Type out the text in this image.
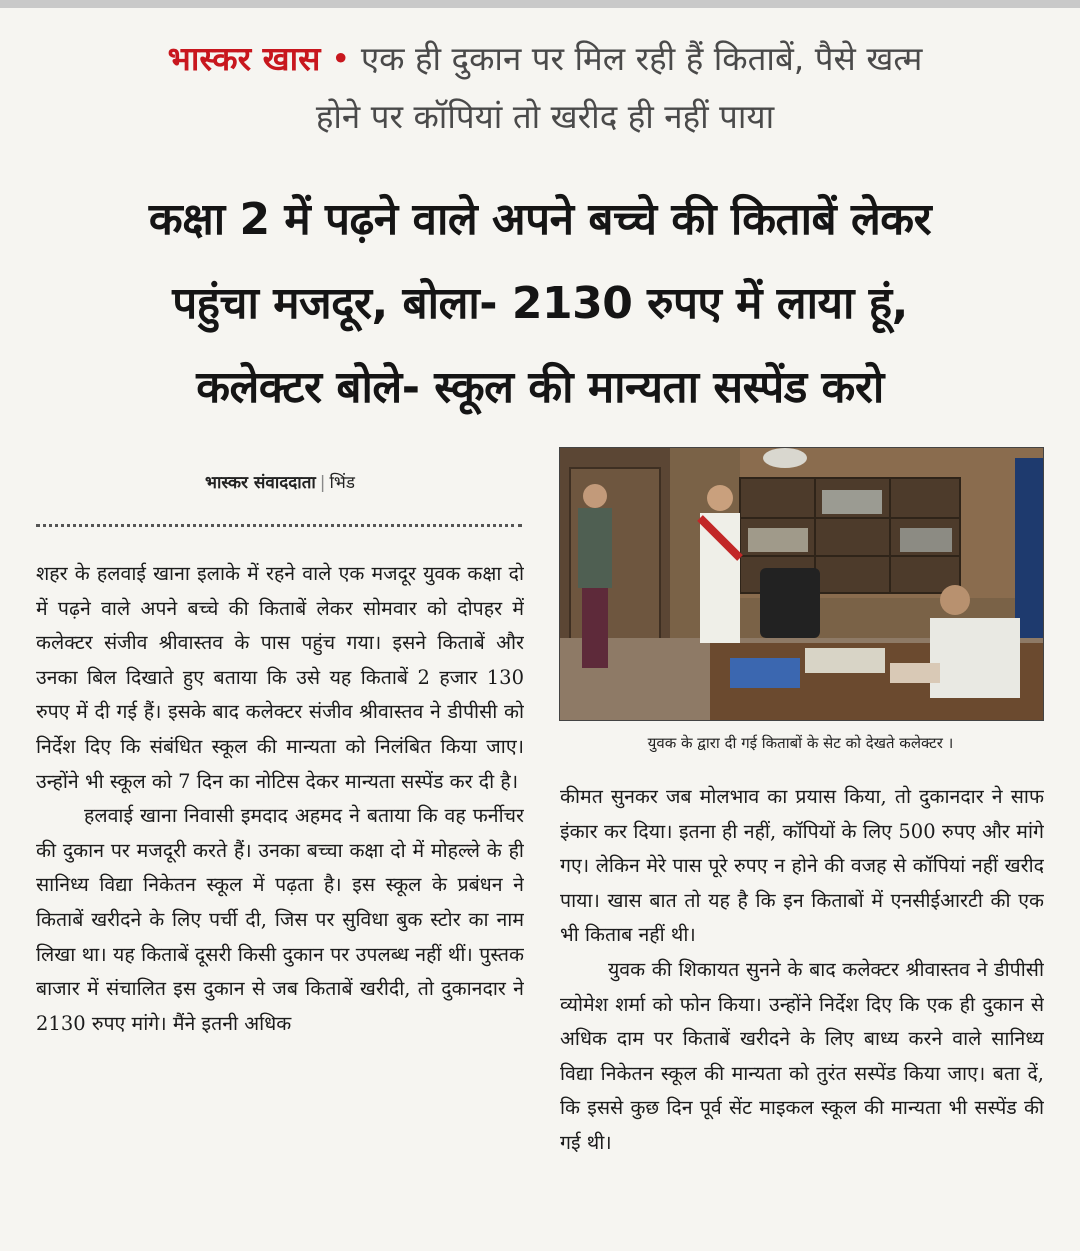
भास्कर खास • एक ही दुकान पर मिल रही हैं किताबें, पैसे खत्म
होने पर कॉपियां तो खरीद ही नहीं पाया
कक्षा 2 में पढ़ने वाले अपने बच्चे की किताबें लेकर
पहुंचा मजदूर, बोला- 2130 रुपए में लाया हूं,
कलेक्टर बोले- स्कूल की मान्यता सस्पेंड करो
भास्कर संवाददाता | भिंड

शहर के हलवाई खाना इलाके में रहने वाले एक मजदूर युवक कक्षा दो में पढ़ने वाले अपने बच्चे की किताबें लेकर सोमवार को दोपहर में कलेक्टर संजीव श्रीवास्तव के पास पहुंच गया। इसने किताबें और उनका बिल दिखाते हुए बताया कि उसे यह किताबें 2 हजार 130 रुपए में दी गई हैं। इसके बाद कलेक्टर संजीव श्रीवास्तव ने डीपीसी को निर्देश दिए कि संबंधित स्कूल की मान्यता को निलंबित किया जाए। उन्होंने भी स्कूल को 7 दिन का नोटिस देकर मान्यता सस्पेंड कर दी है।

हलवाई खाना निवासी इमदाद अहमद ने बताया कि वह फर्नीचर की दुकान पर मजदूरी करते हैं। उनका बच्चा कक्षा दो में मोहल्ले के ही सानिध्य विद्या निकेतन स्कूल में पढ़ता है। इस स्कूल के प्रबंधन ने किताबें खरीदने के लिए पर्ची दी, जिस पर सुविधा बुक स्टोर का नाम लिखा था। यह किताबें दूसरी किसी दुकान पर उपलब्ध नहीं थीं। पुस्तक बाजार में संचालित इस दुकान से जब किताबें खरीदी, तो दुकानदार ने 2130 रुपए मांगे। मैंने इतनी अधिक

युवक के द्वारा दी गई किताबों के सेट को देखते कलेक्टर ।

कीमत सुनकर जब मोलभाव का प्रयास किया, तो दुकानदार ने साफ इंकार कर दिया। इतना ही नहीं, कॉपियों के लिए 500 रुपए और मांगे गए। लेकिन मेरे पास पूरे रुपए न होने की वजह से कॉपियां नहीं खरीद पाया। खास बात तो यह है कि इन किताबों में एनसीईआरटी की एक भी किताब नहीं थी।

युवक की शिकायत सुनने के बाद कलेक्टर श्रीवास्तव ने डीपीसी व्योमेश शर्मा को फोन किया। उन्होंने निर्देश दिए कि एक ही दुकान से अधिक दाम पर किताबें खरीदने के लिए बाध्य करने वाले सानिध्य विद्या निकेतन स्कूल की मान्यता को तुरंत सस्पेंड किया जाए। बता दें, कि इससे कुछ दिन पूर्व सेंट माइकल स्कूल की मान्यता भी सस्पेंड की गई थी।
